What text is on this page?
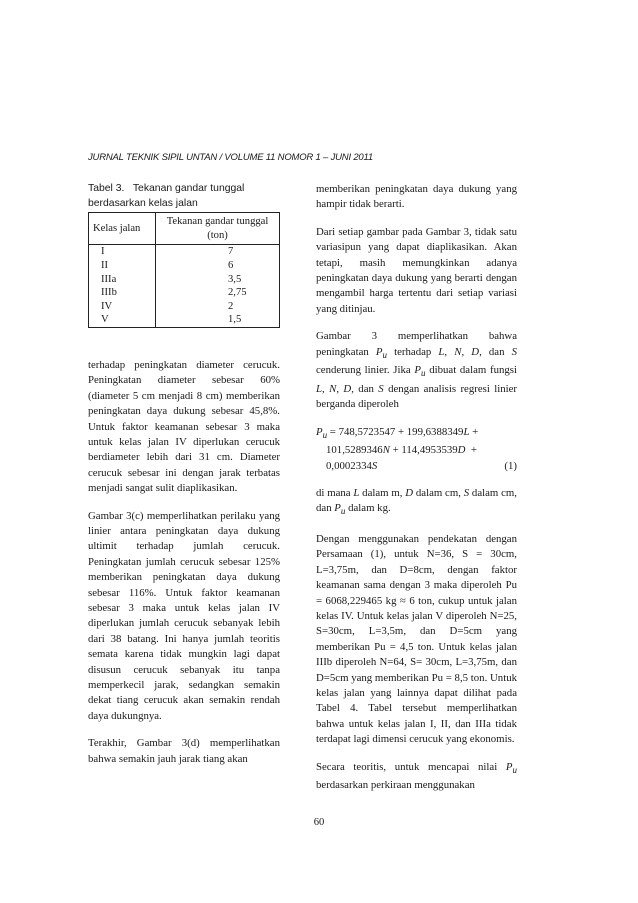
JURNAL TEKNIK SIPIL UNTAN / VOLUME 11 NOMOR 1 – JUNI 2011
Tabel 3.   Tekanan gandar tunggal
berdasarkan kelas jalan
Kelas jalan	Tekanan gandar tunggal
(ton)
I	7
II	6
IIIa	3,5
IIIb	2,75
IV	2
V	1,5

terhadap peningkatan diameter cerucuk. Peningkatan diameter sebesar 60% (diameter 5 cm menjadi 8 cm) memberikan peningkatan daya dukung sebesar 45,8%. Untuk faktor keamanan sebesar 3 maka untuk kelas jalan IV diperlukan cerucuk berdiameter lebih dari 31 cm. Diameter cerucuk sebesar ini dengan jarak terbatas menjadi sangat sulit diaplikasikan.

Gambar 3(c) memperlihatkan perilaku yang linier antara peningkatan daya dukung ultimit terhadap jumlah cerucuk. Peningkatan jumlah cerucuk sebesar 125% memberikan peningkatan daya dukung sebesar 116%. Untuk faktor keamanan sebesar 3 maka untuk kelas jalan IV diperlukan jumlah cerucuk sebanyak lebih dari 38 batang. Ini hanya jumlah teoritis semata karena tidak mungkin lagi dapat disusun cerucuk sebanyak itu tanpa memperkecil jarak, sedangkan semakin dekat tiang cerucuk akan semakin rendah daya dukungnya.

Terakhir, Gambar 3(d) memperlihatkan bahwa semakin jauh jarak tiang akan

memberikan peningkatan daya dukung yang hampir tidak berarti.

Dari setiap gambar pada Gambar 3, tidak satu variasipun yang dapat diaplikasikan. Akan tetapi, masih memungkinkan adanya peningkatan daya dukung yang berarti dengan mengambil harga tertentu dari setiap variasi yang ditinjau.

Gambar 3 memperlihatkan bahwa peningkatan $P_u$ terhadap L, N, D, dan S cenderung linier. Jika $P_u$ dibuat dalam fungsi L, N, D, dan S dengan analisis regresi linier berganda diperoleh

$P_u = 748,5723547 + 199,6388349L$ +
101,5289346N + 114,4953539D  +
0,0002334S	(1)

di mana L dalam m, D dalam cm, S dalam cm, dan $P_u$ dalam kg.

Dengan menggunakan pendekatan dengan Persamaan (1), untuk N=36, S = 30cm, L=3,75m, dan D=8cm, dengan faktor keamanan sama dengan 3 maka diperoleh Pu = 6068,229465 kg ≈ 6 ton, cukup untuk jalan kelas IV. Untuk kelas jalan V diperoleh N=25, S=30cm, L=3,5m, dan D=5cm yang memberikan Pu = 4,5 ton. Untuk kelas jalan IIIb diperoleh N=64, S= 30cm, L=3,75m, dan D=5cm yang memberikan Pu = 8,5 ton. Untuk kelas jalan yang lainnya dapat dilihat pada Tabel 4. Tabel tersebut memperlihatkan bahwa untuk kelas jalan I, II, dan IIIa tidak terdapat lagi dimensi cerucuk yang ekonomis.

Secara teoritis, untuk mencapai nilai $P_u$ berdasarkan perkiraan menggunakan

60
